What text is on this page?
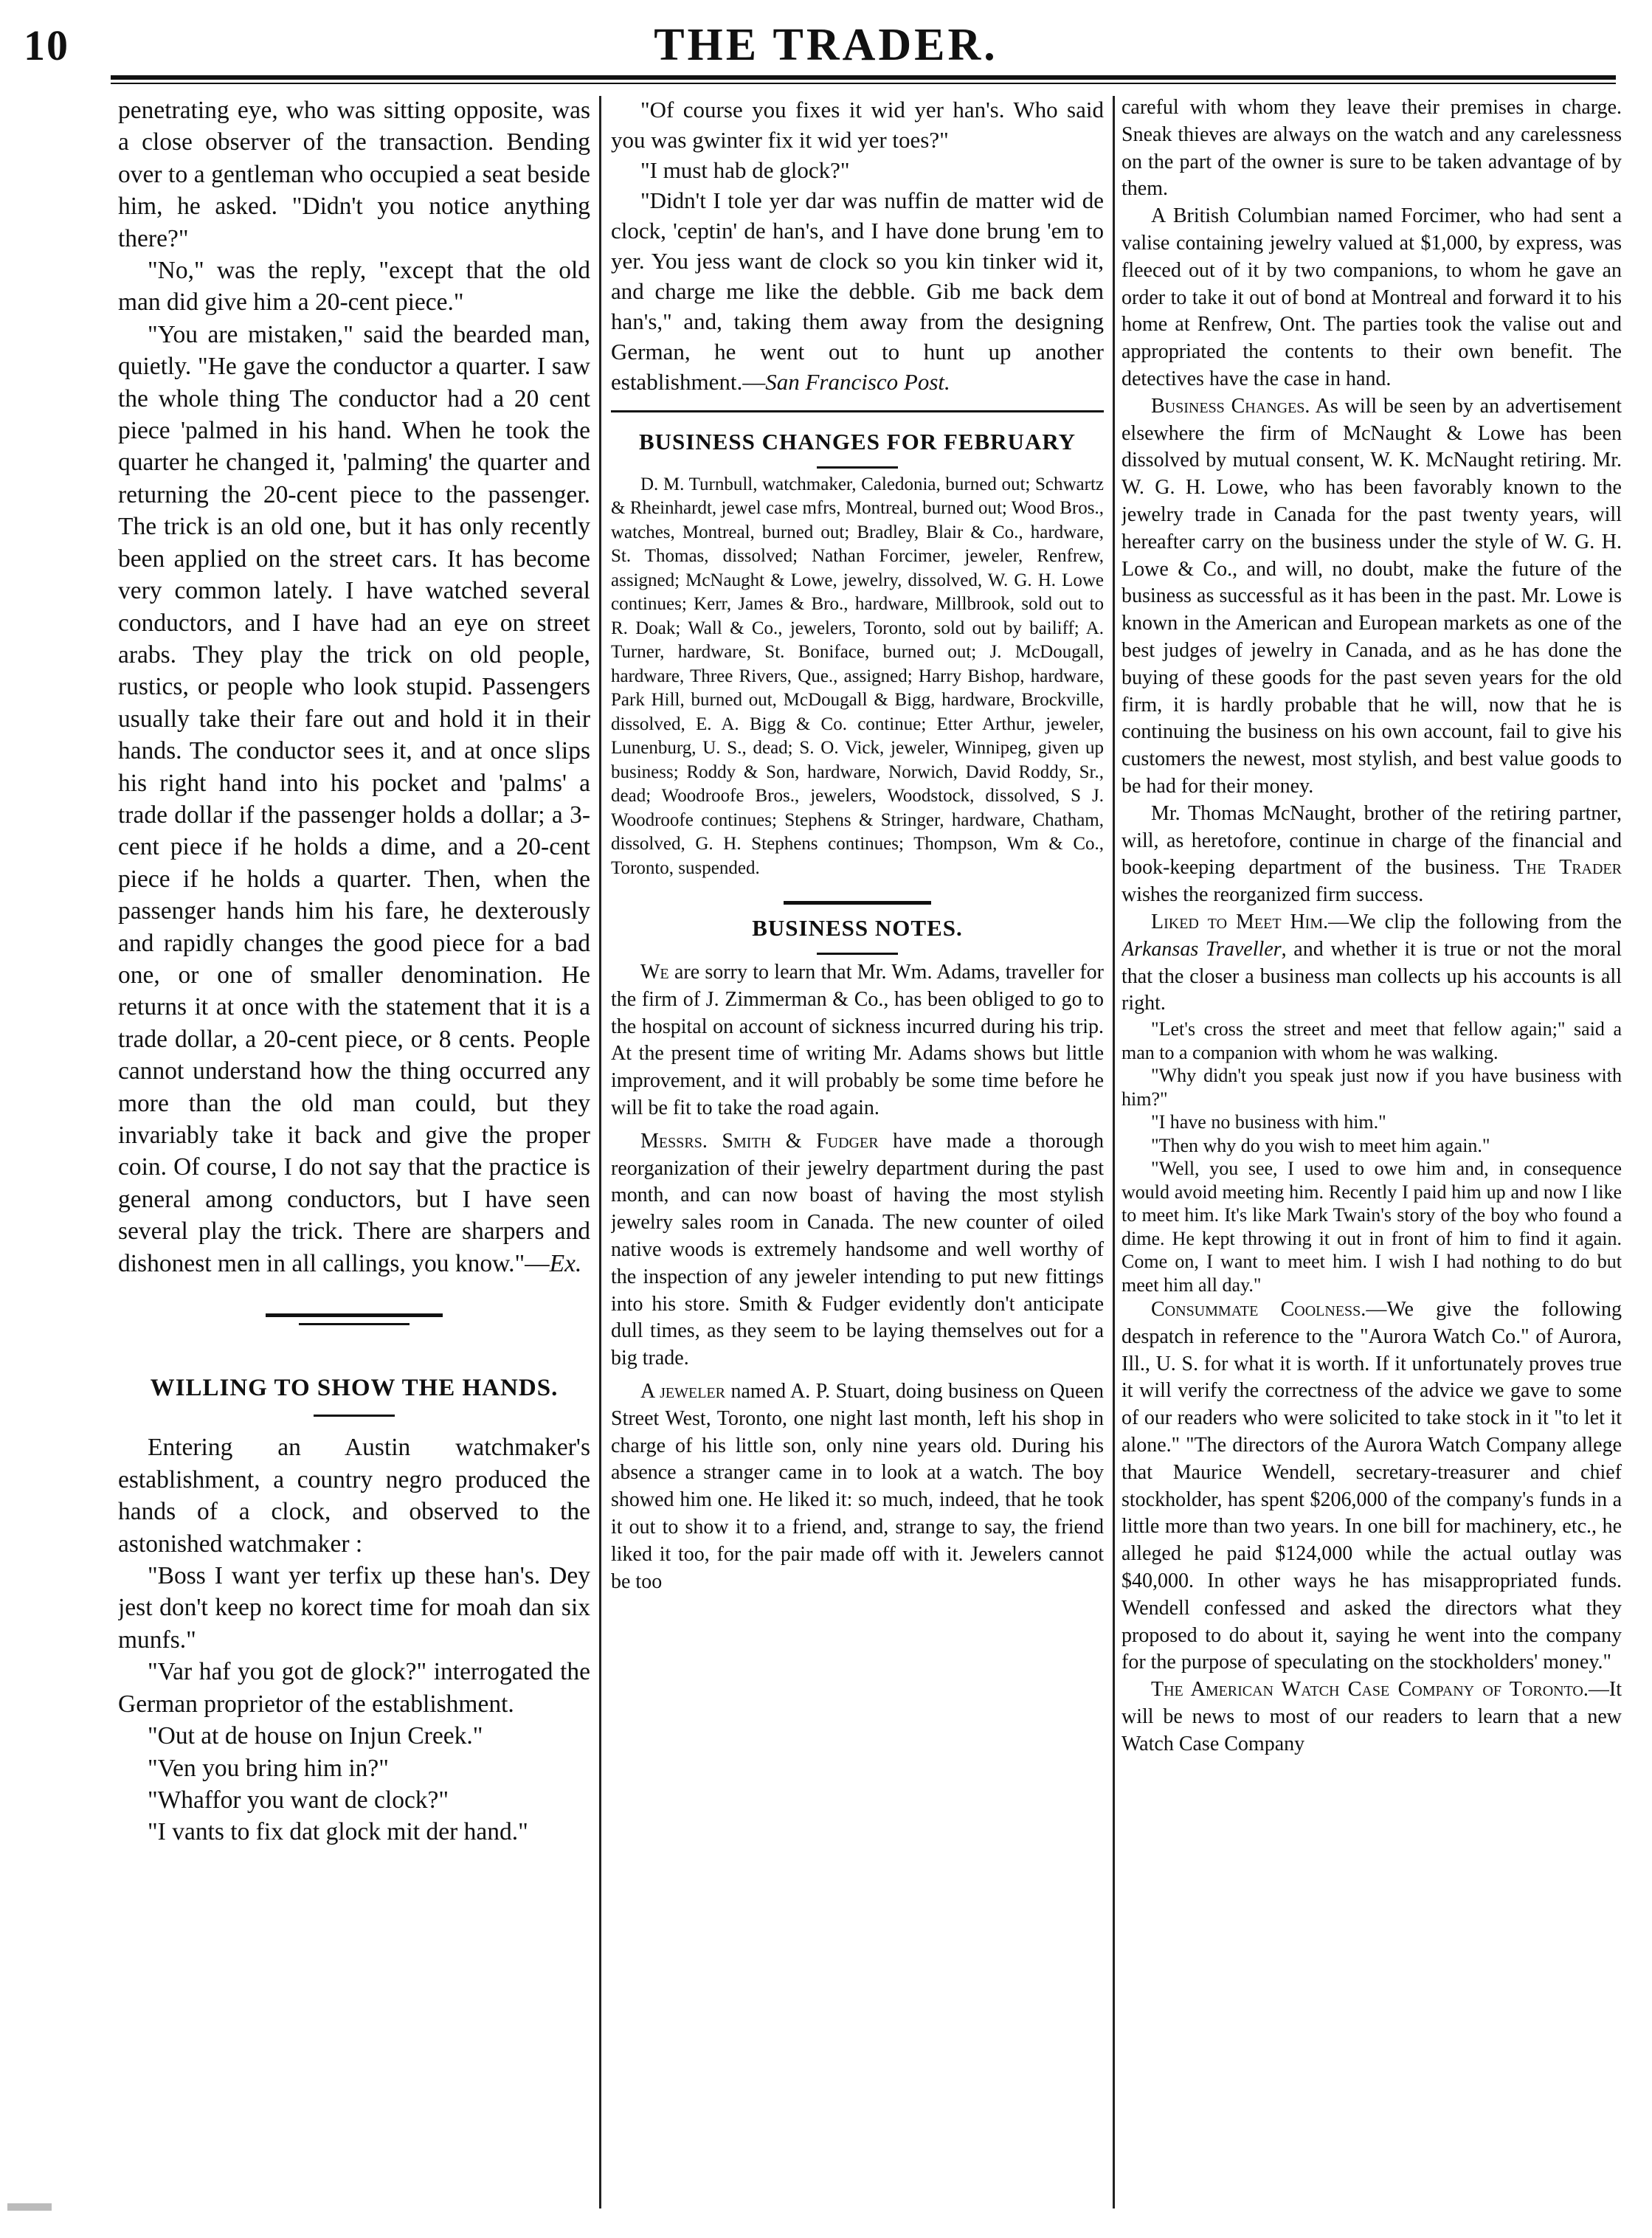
10	THE TRADER.

penetrating eye, who was sitting opposite, was a close observer of the transaction. Bending over to a gentleman who occupied a seat beside him, he asked. "Didn't you notice anything there?"

"No," was the reply, "except that the old man did give him a 20-cent piece."

"You are mistaken," said the bearded man, quietly. "He gave the conductor a quarter. I saw the whole thing The conductor had a 20 cent piece 'palmed in his hand. When he took the quarter he changed it, 'palming' the quarter and returning the 20-cent piece to the passenger. The trick is an old one, but it has only recently been applied on the street cars. It has become very common lately. I have watched several conductors, and I have had an eye on street arabs. They play the trick on old people, rustics, or people who look stupid. Passengers usually take their fare out and hold it in their hands. The conductor sees it, and at once slips his right hand into his pocket and 'palms' a trade dollar if the passenger holds a dollar; a 3-cent piece if he holds a dime, and a 20-cent piece if he holds a quarter. Then, when the passenger hands him his fare, he dexterously and rapidly changes the good piece for a bad one, or one of smaller denomination. He returns it at once with the statement that it is a trade dollar, a 20-cent piece, or 8 cents. People cannot understand how the thing occurred any more than the old man could, but they invariably take it back and give the proper coin. Of course, I do not say that the practice is general among conductors, but I have seen several play the trick. There are sharpers and dishonest men in all callings, you know."—Ex.

WILLING TO SHOW THE HANDS.

Entering an Austin watchmaker's establishment, a country negro produced the hands of a clock, and observed to the astonished watchmaker :

"Boss I want yer terfix up these han's. Dey jest don't keep no korect time for moah dan six munfs."

"Var haf you got de glock?" interrogated the German proprietor of the establishment.

"Out at de house on Injun Creek."

"Ven you bring him in?"

"Whaffor you want de clock?"

"I vants to fix dat glock mit der hand."

"Of course you fixes it wid yer han's. Who said you was gwinter fix it wid yer toes?"

"I must hab de glock?"

"Didn't I tole yer dar was nuffin de matter wid de clock, 'ceptin' de han's, and I have done brung 'em to yer. You jess want de clock so you kin tinker wid it, and charge me like the debble. Gib me back dem han's," and, taking them away from the designing German, he went out to hunt up another establishment.—San Francisco Post.

BUSINESS CHANGES FOR FEBRUARY

D. M. Turnbull, watchmaker, Caledonia, burned out; Schwartz & Rheinhardt, jewel case mfrs, Montreal, burned out; Wood Bros., watches, Montreal, burned out; Bradley, Blair & Co., hardware, St. Thomas, dissolved; Nathan Forcimer, jeweler, Renfrew, assigned; McNaught & Lowe, jewelry, dissolved, W. G. H. Lowe continues; Kerr, James & Bro., hardware, Millbrook, sold out to R. Doak; Wall & Co., jewelers, Toronto, sold out by bailiff; A. Turner, hardware, St. Boniface, burned out; J. McDougall, hardware, Three Rivers, Que., assigned; Harry Bishop, hardware, Park Hill, burned out, McDougall & Bigg, hardware, Brockville, dissolved, E. A. Bigg & Co. continue; Etter Arthur, jeweler, Lunenburg, U. S., dead; S. O. Vick, jeweler, Winnipeg, given up business; Roddy & Son, hardware, Norwich, David Roddy, Sr., dead; Woodroofe Bros., jewelers, Woodstock, dissolved, S J. Woodroofe continues; Stephens & Stringer, hardware, Chatham, dissolved, G. H. Stephens continues; Thompson, Wm & Co., Toronto, suspended.

BUSINESS NOTES.

We are sorry to learn that Mr. Wm. Adams, traveller for the firm of J. Zimmerman & Co., has been obliged to go to the hospital on account of sickness incurred during his trip. At the present time of writing Mr. Adams shows but little improvement, and it will probably be some time before he will be fit to take the road again.

Messrs. Smith & Fudger have made a thorough reorganization of their jewelry department during the past month, and can now boast of having the most stylish jewelry sales room in Canada. The new counter of oiled native woods is extremely handsome and well worthy of the inspection of any jeweler intending to put new fittings into his store. Smith & Fudger evidently don't anticipate dull times, as they seem to be laying themselves out for a big trade.

A jeweler named A. P. Stuart, doing business on Queen Street West, Toronto, one night last month, left his shop in charge of his little son, only nine years old. During his absence a stranger came in to look at a watch. The boy showed him one. He liked it: so much, indeed, that he took it out to show it to a friend, and, strange to say, the friend liked it too, for the pair made off with it. Jewelers cannot be too

careful with whom they leave their premises in charge. Sneak thieves are always on the watch and any carelessness on the part of the owner is sure to be taken advantage of by them.

A British Columbian named Forcimer, who had sent a valise containing jewelry valued at $1,000, by express, was fleeced out of it by two companions, to whom he gave an order to take it out of bond at Montreal and forward it to his home at Renfrew, Ont. The parties took the valise out and appropriated the contents to their own benefit. The detectives have the case in hand.

Business Changes. As will be seen by an advertisement elsewhere the firm of McNaught & Lowe has been dissolved by mutual consent, W. K. McNaught retiring. Mr. W. G. H. Lowe, who has been favorably known to the jewelry trade in Canada for the past twenty years, will hereafter carry on the business under the style of W. G. H. Lowe & Co., and will, no doubt, make the future of the business as successful as it has been in the past. Mr. Lowe is known in the American and European markets as one of the best judges of jewelry in Canada, and as he has done the buying of these goods for the past seven years for the old firm, it is hardly probable that he will, now that he is continuing the business on his own account, fail to give his customers the newest, most stylish, and best value goods to be had for their money.

Mr. Thomas McNaught, brother of the retiring partner, will, as heretofore, continue in charge of the financial and book-keeping department of the business. The Trader wishes the reorganized firm success.

Liked to Meet Him.—We clip the following from the Arkansas Traveller, and whether it is true or not the moral that the closer a business man collects up his accounts is all right.

"Let's cross the street and meet that fellow again;" said a man to a companion with whom he was walking.

"Why didn't you speak just now if you have business with him?"

"I have no business with him."

"Then why do you wish to meet him again."

"Well, you see, I used to owe him and, in consequence would avoid meeting him. Recently I paid him up and now I like to meet him. It's like Mark Twain's story of the boy who found a dime. He kept throwing it out in front of him to find it again. Come on, I want to meet him. I wish I had nothing to do but meet him all day."

Consummate Coolness.—We give the following despatch in reference to the "Aurora Watch Co." of Aurora, Ill., U. S. for what it is worth. If it unfortunately proves true it will verify the correctness of the advice we gave to some of our readers who were solicited to take stock in it "to let it alone." "The directors of the Aurora Watch Company allege that Maurice Wendell, secretary-treasurer and chief stockholder, has spent $206,000 of the company's funds in a little more than two years. In one bill for machinery, etc., he alleged he paid $124,000 while the actual outlay was $40,000. In other ways he has misappropriated funds. Wendell confessed and asked the directors what they proposed to do about it, saying he went into the company for the purpose of speculating on the stockholders' money."

The American Watch Case Company of Toronto.—It will be news to most of our readers to learn that a new Watch Case Company
